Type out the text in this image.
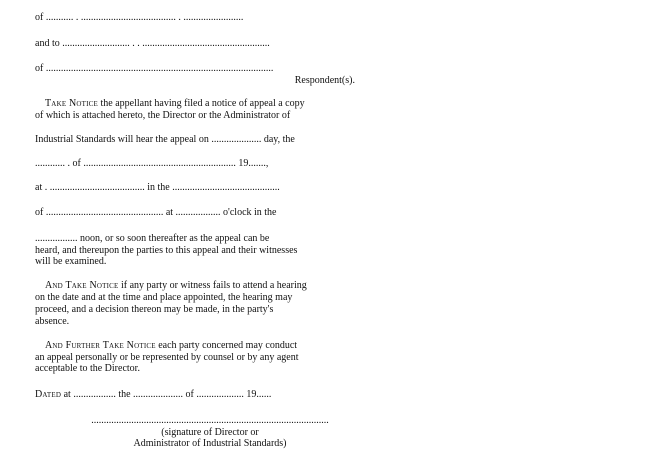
of ........... . ...................................... . ........................
and to ........................... . . ...................................................
of ...........................................................................................
Respondent(s).
Take Notice the appellant having filed a notice of appeal a copy
of which is attached hereto, the Director or the Administrator of
Industrial Standards will hear the appeal on .................... day, the
............ . of ............................................................. 19.......,
at . ...................................... in the ...........................................
of ............................................... at .................. o'clock in the
................. noon, or so soon thereafter as the appeal can be
heard, and thereupon the parties to this appeal and their witnesses
will be examined.
And Take Notice if any party or witness fails to attend a hearing
on the date and at the time and place appointed, the hearing may
proceed, and a decision thereon may be made, in the party's
absence.
And Further Take Notice each party concerned may conduct
an appeal personally or be represented by counsel or by any agent
acceptable to the Director.
Dated at ................. the .................... of ................... 19......
...............................................................................................
(signature of Director or
Administrator of Industrial Standards)
